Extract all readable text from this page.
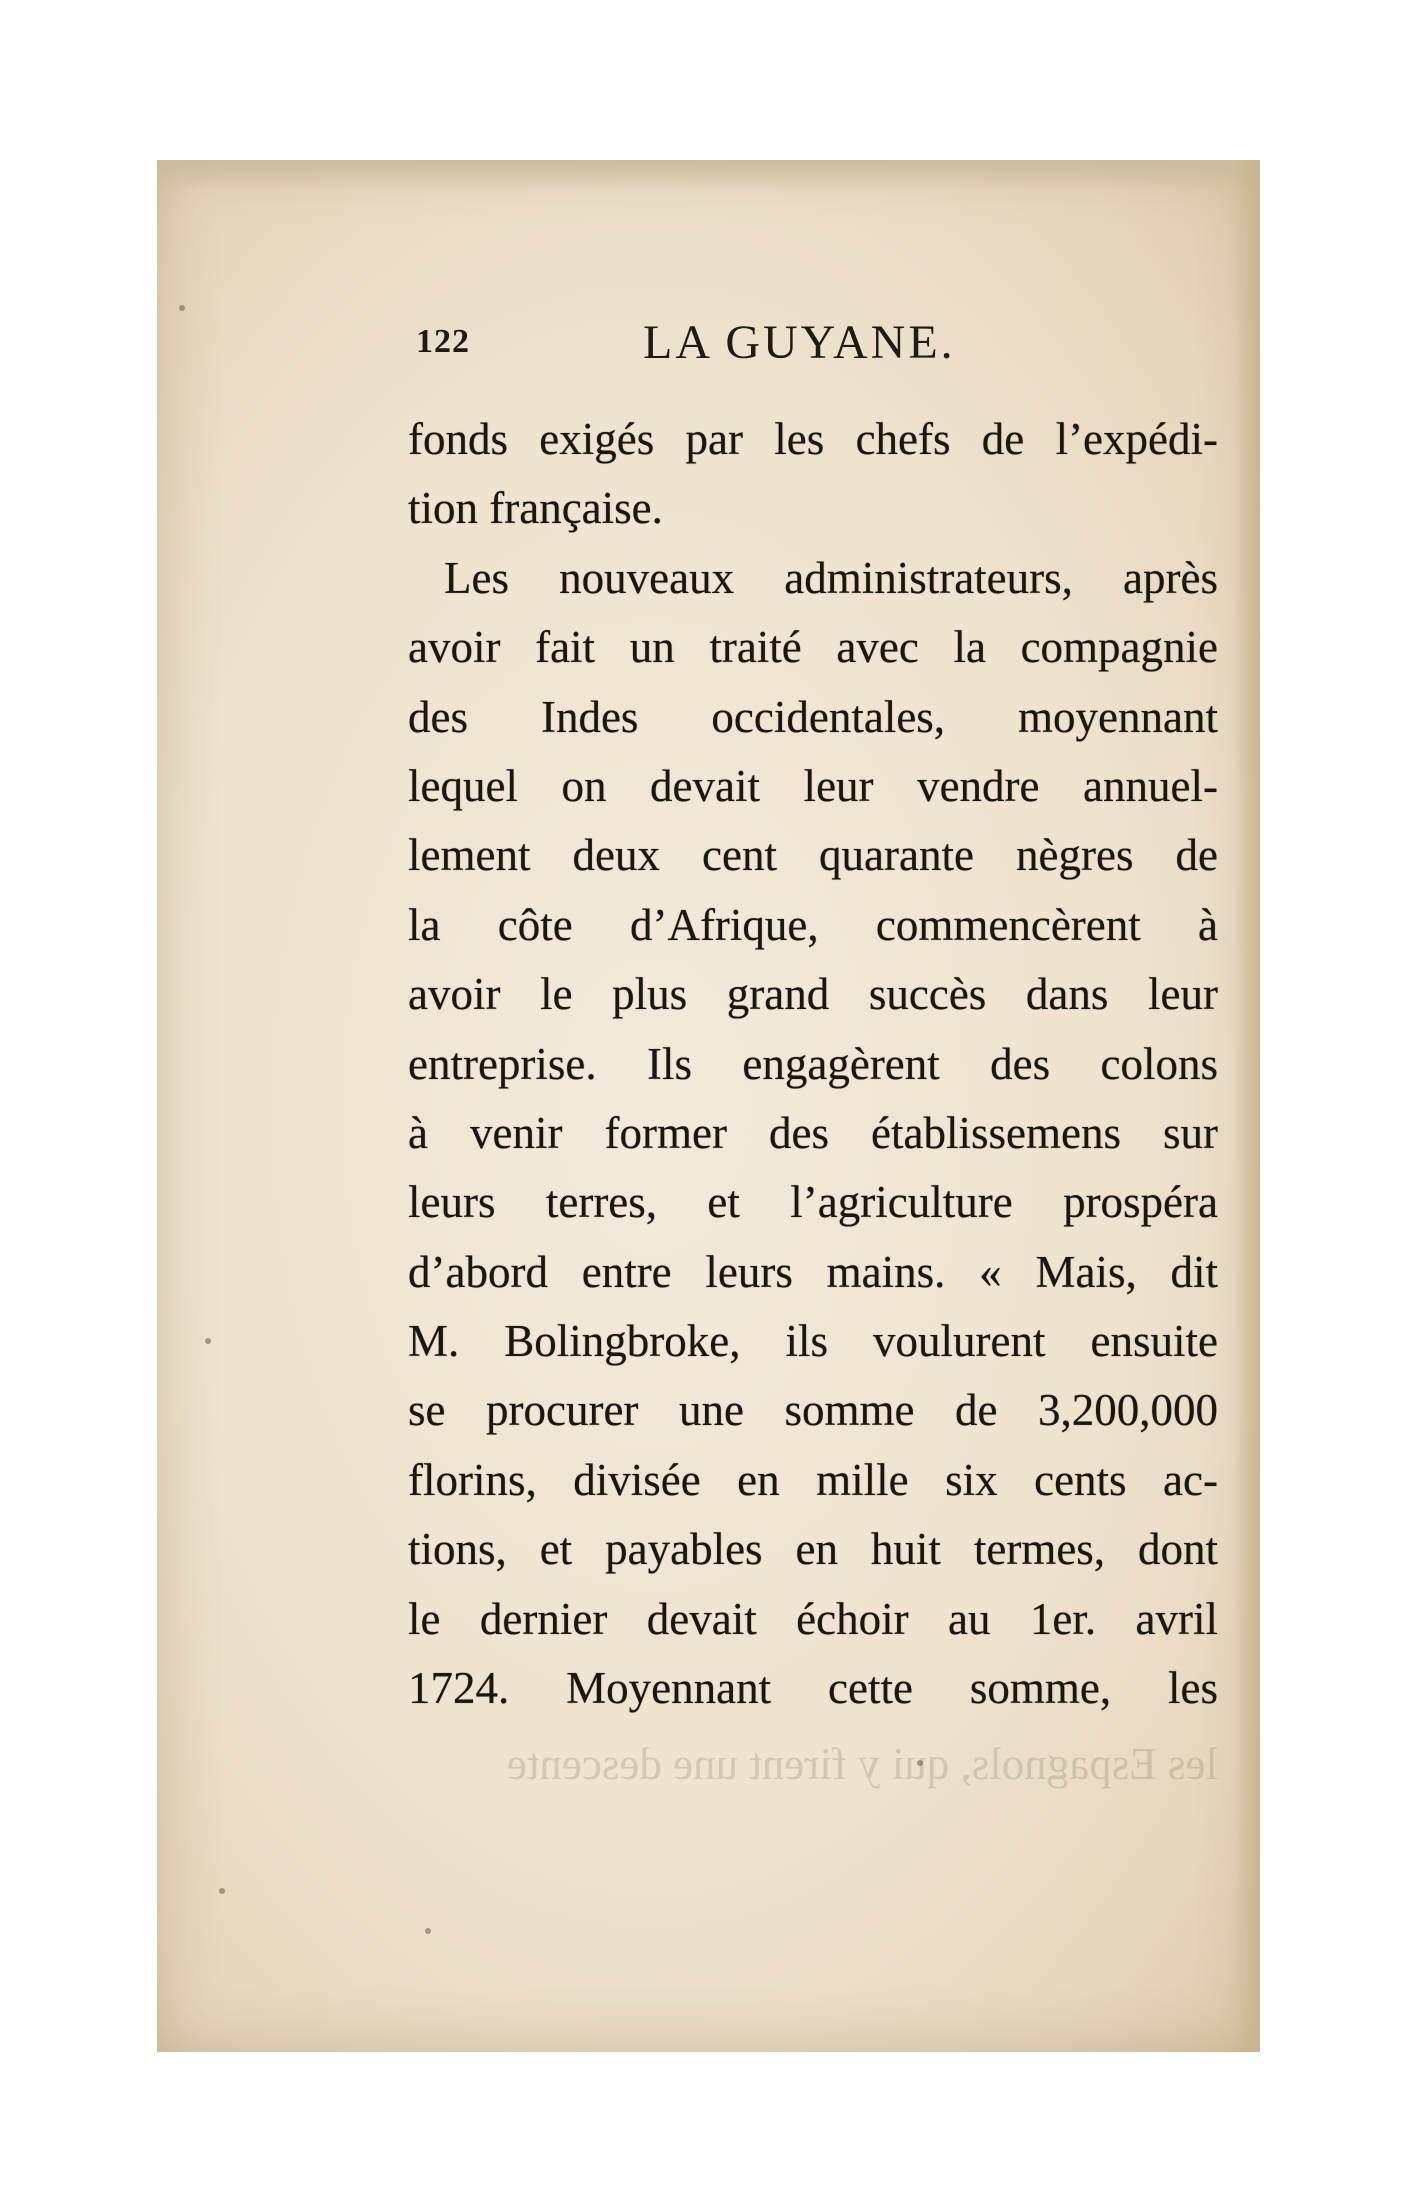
122	LA GUYANE.
fonds exigés par les chefs de l’expédi-
tion française.
Les nouveaux administrateurs, après
avoir fait un traité avec la compagnie
des Indes occidentales, moyennant
lequel on devait leur vendre annuel-
lement deux cent quarante nègres de
la côte d’Afrique, commencèrent à
avoir le plus grand succès dans leur
entreprise. Ils engagèrent des colons
à venir former des établissemens sur
leurs terres, et l’agriculture prospéra
d’abord entre leurs mains. « Mais, dit
M. Bolingbroke, ils voulurent ensuite
se procurer une somme de 3,200,000
florins, divisée en mille six cents ac-
tions, et payables en huit termes, dont
le dernier devait échoir au 1er. avril
1724. Moyennant cette somme, les
les Espagnols, qui y firent une descente
